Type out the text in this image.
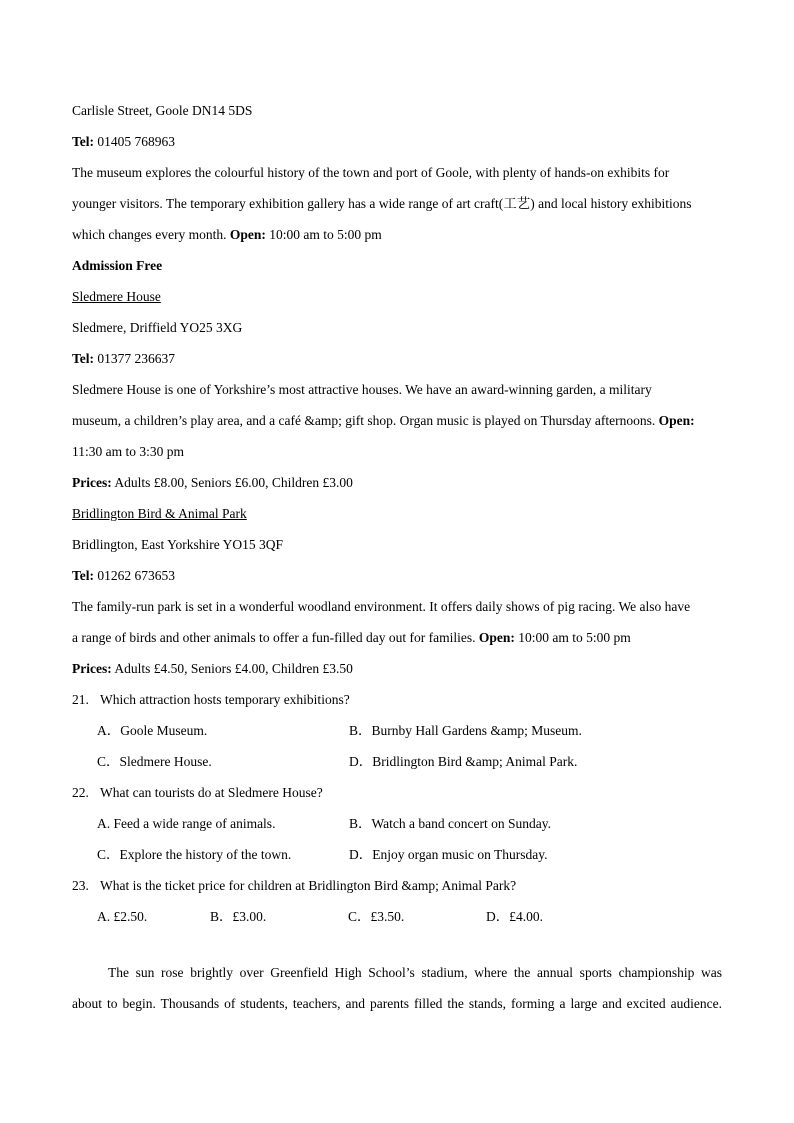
Carlisle Street, Goole DN14 5DS
Tel: 01405 768963
The museum explores the colourful history of the town and port of Goole, with plenty of hands-on exhibits for
younger visitors. The temporary exhibition gallery has a wide range of art craft(工艺) and local history exhibitions
which changes every month. Open: 10:00 am to 5:00 pm
Admission Free
Sledmere House
Sledmere, Driffield YO25 3XG
Tel: 01377 236637
Sledmere House is one of Yorkshire’s most attractive houses. We have an award-winning garden, a military
museum, a children’s play area, and a café &amp; gift shop. Organ music is played on Thursday afternoons. Open:
11:30 am to 3:30 pm
Prices: Adults £8.00, Seniors £6.00, Children £3.00
Bridlington Bird & Animal Park
Bridlington, East Yorkshire YO15 3QF
Tel: 01262 673653
The family-run park is set in a wonderful woodland environment. It offers daily shows of pig racing. We also have
a range of birds and other animals to offer a fun-filled day out for families. Open: 10:00 am to 5:00 pm
Prices: Adults £4.50, Seniors £4.00, Children £3.50
21. Which attraction hosts temporary exhibitions?
A．Goole Museum.	B．Burnby Hall Gardens &amp; Museum.
C．Sledmere House.	D．Bridlington Bird &amp; Animal Park.
22. What can tourists do at Sledmere House?
A. Feed a wide range of animals.	B．Watch a band concert on Sunday.
C．Explore the history of the town.	D．Enjoy organ music on Thursday.
23. What is the ticket price for children at Bridlington Bird &amp; Animal Park?
A. £2.50.	B．£3.00.	C．£3.50.	D．£4.00.
The sun rose brightly over Greenfield High School’s stadium, where the annual sports championship was
about to begin. Thousands of students, teachers, and parents filled the stands, forming a large and excited audience.
